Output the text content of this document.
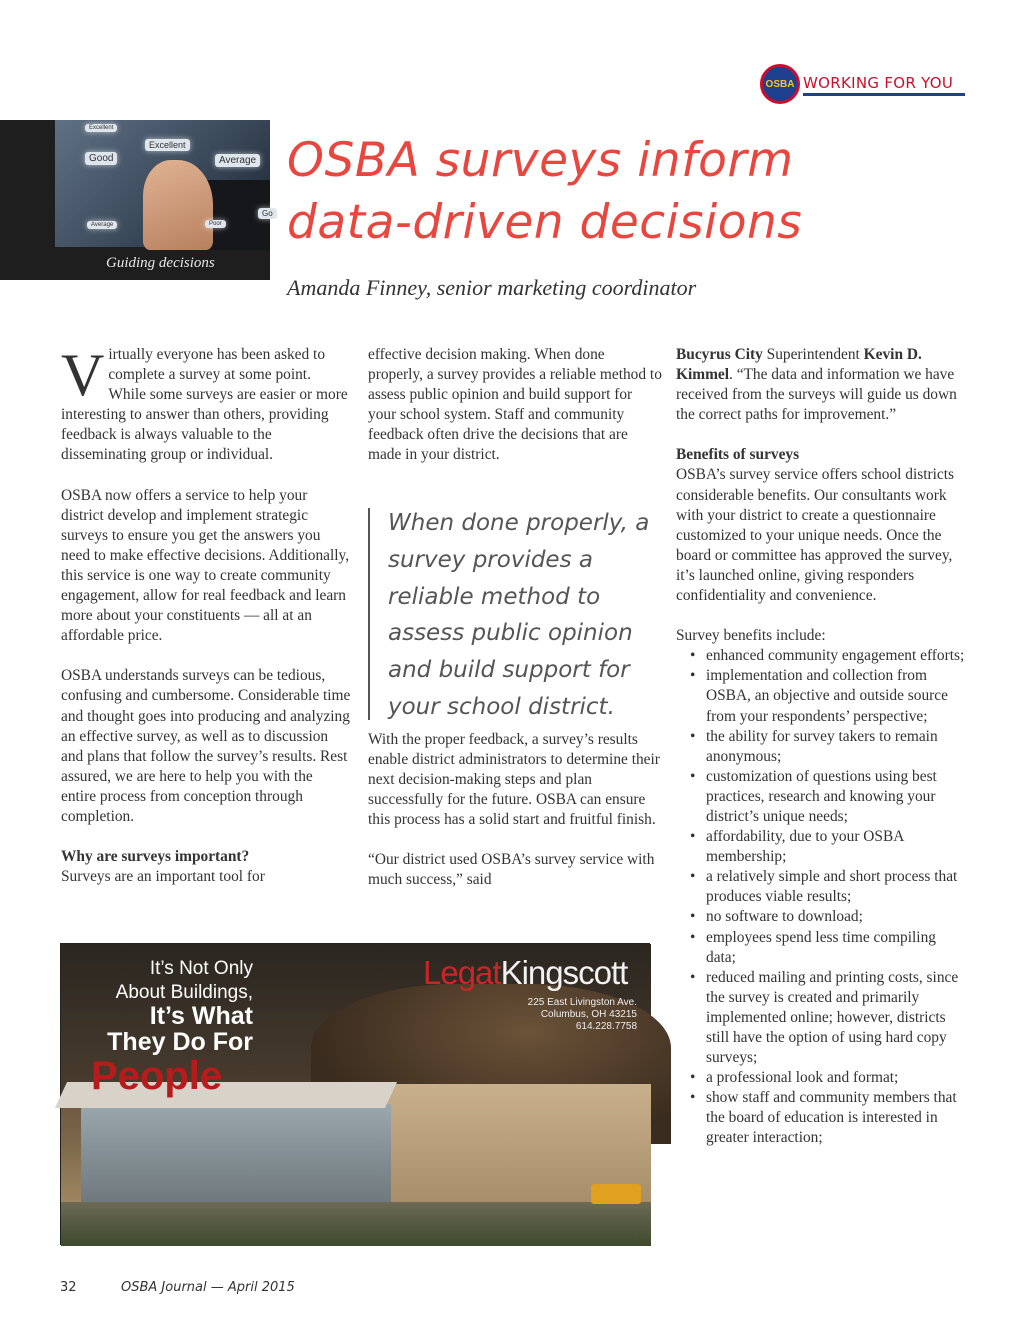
OSBA WORKING FOR YOU
Excellent
Good	Average
Poor
Average
Excellent
Go
Guiding decisions
OSBA surveys inform
data-driven decisions
Amanda Finney, senior marketing coordinator

Virtually everyone has been asked to complete a survey at some point. While some surveys are easier or more interesting to answer than others, providing feedback is always valuable to the disseminating group or individual.

OSBA now offers a service to help your district develop and implement strategic surveys to ensure you get the answers you need to make effective decisions. Additionally, this service is one way to create community engagement, allow for real feedback and learn more about your constituents — all at an affordable price.

OSBA understands surveys can be tedious, confusing and cumbersome. Considerable time and thought goes into producing and analyzing an effective survey, as well as to discussion and plans that follow the survey’s results. Rest assured, we are here to help you with the entire process from conception through completion.

Why are surveys important?
Surveys are an important tool for

effective decision making. When done properly, a survey provides a reliable method to assess public opinion and build support for your school system. Staff and community feedback often drive the decisions that are made in your district.

With the proper feedback, a survey’s results enable district administrators to determine their next decision-making steps and plan successfully for the future. OSBA can ensure this process has a solid start and fruitful finish.

“Our district used OSBA’s survey service with much success,” said

When done properly, a survey provides a reliable method to assess public opinion and build support for your school district.

Bucyrus City Superintendent Kevin D. Kimmel. “The data and information we have received from the surveys will guide us down the correct paths for improvement.”

Benefits of surveys

OSBA’s survey service offers school districts considerable benefits. Our consultants work with your district to create a questionnaire customized to your unique needs. Once the board or committee has approved the survey, it’s launched online, giving responders confidentiality and convenience.

Survey benefits include:
• enhanced community engagement efforts;
• implementation and collection from OSBA, an objective and outside source from your respondents’ perspective;
• the ability for survey takers to remain anonymous;
• customization of questions using best practices, research and knowing your district’s unique needs;
• affordability, due to your OSBA membership;
• a relatively simple and short process that produces viable results;
• no software to download;
• employees spend less time compiling data;
• reduced mailing and printing costs, since the survey is created and primarily implemented online; however, districts still have the option of using hard copy surveys;
• a professional look and format;
• show staff and community members that the board of education is interested in greater interaction;
It’s Not Only
About Buildings,
It’s What
They Do For
People
LegatKingscott
225 East Livingston Ave.
Columbus, OH 43215
614.228.7758
32	OSBA Journal — April 2015
